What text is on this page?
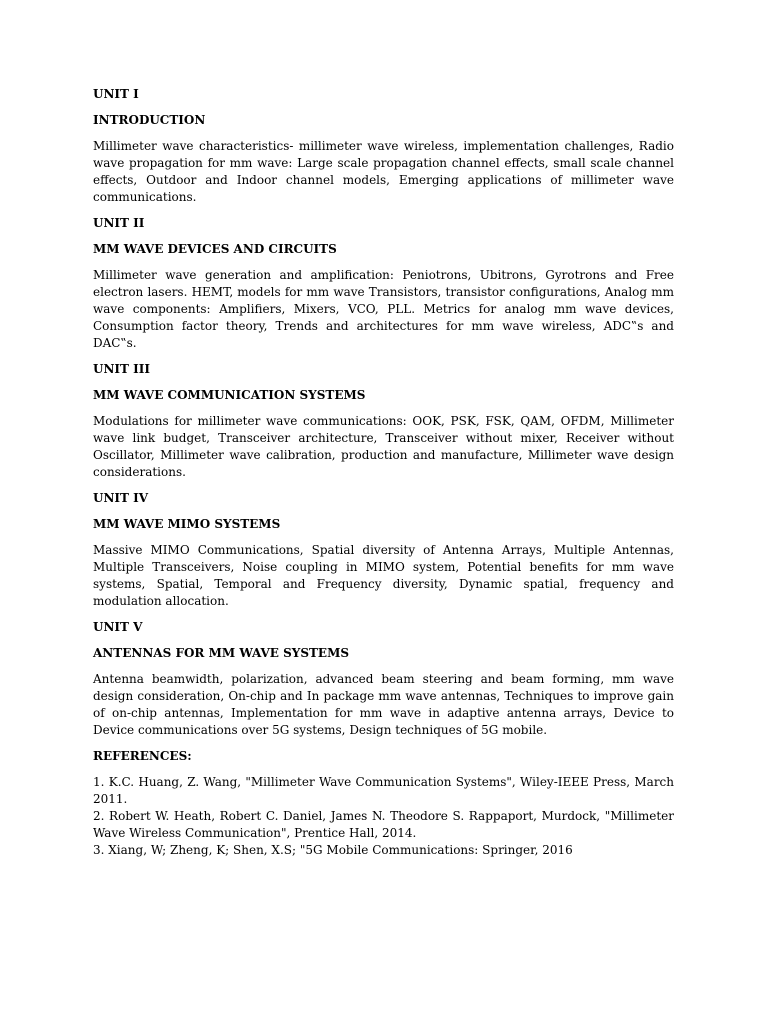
UNIT I
INTRODUCTION
Millimeter wave characteristics- millimeter wave wireless, implementation challenges, Radio wave propagation for mm wave: Large scale propagation channel effects, small scale channel effects, Outdoor and Indoor channel models, Emerging applications of millimeter wave communications.
UNIT II
MM WAVE DEVICES AND CIRCUITS
Millimeter wave generation and amplification: Peniotrons, Ubitrons, Gyrotrons and Free electron lasers. HEMT, models for mm wave Transistors, transistor configurations, Analog mm wave components: Amplifiers, Mixers, VCO, PLL. Metrics for analog mm wave devices, Consumption factor theory, Trends and architectures for mm wave wireless, ADC‟s and DAC‟s.
UNIT III
MM WAVE COMMUNICATION SYSTEMS
Modulations for millimeter wave communications: OOK, PSK, FSK, QAM, OFDM, Millimeter wave link budget, Transceiver architecture, Transceiver without mixer, Receiver without Oscillator, Millimeter wave calibration, production and manufacture, Millimeter wave design considerations.
UNIT IV
MM WAVE MIMO SYSTEMS
Massive MIMO Communications, Spatial diversity of Antenna Arrays, Multiple Antennas, Multiple Transceivers, Noise coupling in MIMO system, Potential benefits for mm wave systems, Spatial, Temporal and Frequency diversity, Dynamic spatial, frequency and modulation allocation.
UNIT V
ANTENNAS FOR MM WAVE SYSTEMS
Antenna beamwidth, polarization, advanced beam steering and beam forming, mm wave design consideration, On-chip and In package mm wave antennas, Techniques to improve gain of on-chip antennas, Implementation for mm wave in adaptive antenna arrays, Device to Device communications over 5G systems, Design techniques of 5G mobile.
REFERENCES:

1. K.C. Huang, Z. Wang, "Millimeter Wave Communication Systems", Wiley-IEEE Press, March 2011.

2. Robert W. Heath, Robert C. Daniel, James N. Theodore S. Rappaport, Murdock, "Millimeter Wave Wireless Communication", Prentice Hall, 2014.

3. Xiang, W; Zheng, K; Shen, X.S; "5G Mobile Communications: Springer, 2016
